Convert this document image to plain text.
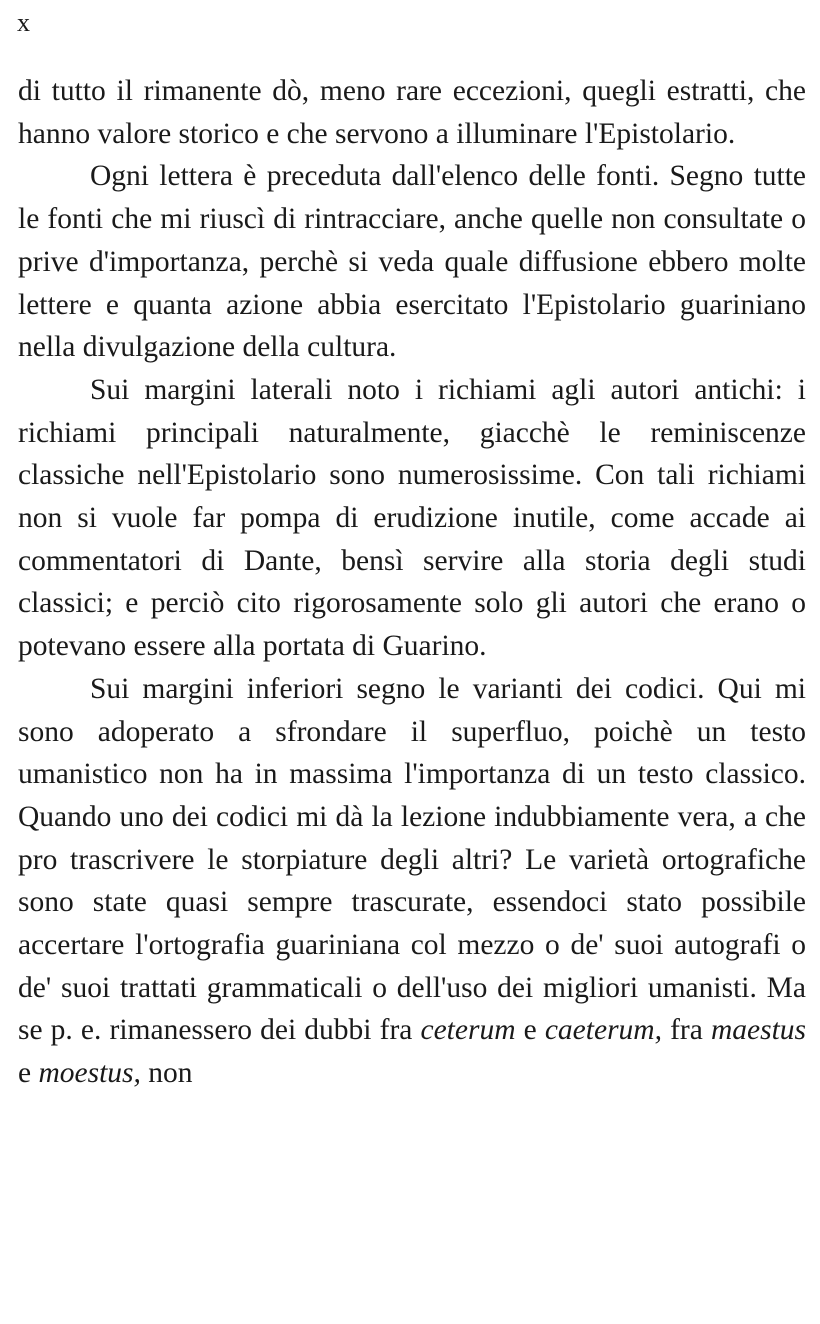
x

di tutto il rimanente dò, meno rare eccezioni, quegli estratti, che hanno valore storico e che servono a illuminare l'Epistolario.

Ogni lettera è preceduta dall'elenco delle fonti. Segno tutte le fonti che mi riuscì di rintracciare, anche quelle non consultate o prive d'importanza, perchè si veda quale diffusione ebbero molte lettere e quanta azione abbia esercitato l'Epistolario guariniano nella divulgazione della cultura.

Sui margini laterali noto i richiami agli autori antichi: i richiami principali naturalmente, giacchè le reminiscenze classiche nell'Epistolario sono numerosissime. Con tali richiami non si vuole far pompa di erudizione inutile, come accade ai commentatori di Dante, bensì servire alla storia degli studi classici; e perciò cito rigorosamente solo gli autori che erano o potevano essere alla portata di Guarino.

Sui margini inferiori segno le varianti dei codici. Qui mi sono adoperato a sfrondare il superfluo, poichè un testo umanistico non ha in massima l'importanza di un testo classico. Quando uno dei codici mi dà la lezione indubbiamente vera, a che pro trascrivere le storpiature degli altri? Le varietà ortografiche sono state quasi sempre trascurate, essendoci stato possibile accertare l'ortografia guariniana col mezzo o de' suoi autografi o de' suoi trattati grammaticali o dell'uso dei migliori umanisti. Ma se p. e. rimanessero dei dubbi fra ceterum e caeterum, fra maestus e moestus, non
